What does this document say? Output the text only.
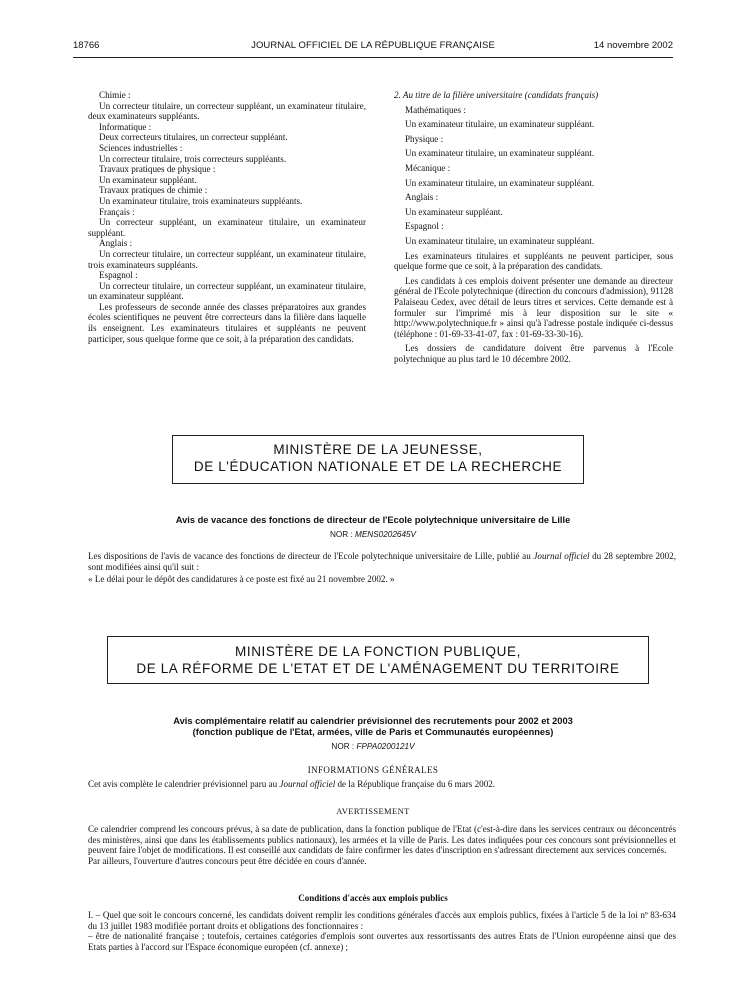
18766	JOURNAL OFFICIEL DE LA RÉPUBLIQUE FRANÇAISE	14 novembre 2002

Chimie :

Un correcteur titulaire, un correcteur suppléant, un examinateur titulaire, deux examinateurs suppléants.

Informatique :

Deux correcteurs titulaires, un correcteur suppléant.

Sciences industrielles :

Un correcteur titulaire, trois correcteurs suppléants.

Travaux pratiques de physique :

Un examinateur suppléant.

Travaux pratiques de chimie :

Un examinateur titulaire, trois examinateurs suppléants.

Français :

Un correcteur suppléant, un examinateur titulaire, un examinateur suppléant.

Anglais :

Un correcteur titulaire, un correcteur suppléant, un examinateur titulaire, trois examinateurs suppléants.

Espagnol :

Un correcteur titulaire, un correcteur suppléant, un examinateur titulaire, un examinateur suppléant.

Les professeurs de seconde année des classes préparatoires aux grandes écoles scientifiques ne peuvent être correcteurs dans la filière dans laquelle ils enseignent. Les examinateurs titulaires et suppléants ne peuvent participer, sous quelque forme que ce soit, à la préparation des candidats.

2. Au titre de la filière universitaire (candidats français)

Mathématiques :

Un examinateur titulaire, un examinateur suppléant.

Physique :

Un examinateur titulaire, un examinateur suppléant.

Mécanique :

Un examinateur titulaire, un examinateur suppléant.

Anglais :

Un examinateur suppléant.

Espagnol :

Un examinateur titulaire, un examinateur suppléant.

Les examinateurs titulaires et suppléants ne peuvent participer, sous quelque forme que ce soit, à la préparation des candidats.

Les candidats à ces emplois doivent présenter une demande au directeur général de l'Ecole polytechnique (direction du concours d'admission), 91128 Palaiseau Cedex, avec détail de leurs titres et services. Cette demande est à formuler sur l'imprimé mis à leur disposition sur le site « http://www.polytechnique.fr » ainsi qu'à l'adresse postale indiquée ci-dessus (téléphone : 01-69-33-41-07, fax : 01-69-33-30-16).

Les dossiers de candidature doivent être parvenus à l'Ecole polytechnique au plus tard le 10 décembre 2002.

MINISTÈRE DE LA JEUNESSE,
DE L'ÉDUCATION NATIONALE ET DE LA RECHERCHE
Avis de vacance des fonctions de directeur de l'Ecole polytechnique universitaire de Lille
NOR : MENS0202645V

Les dispositions de l'avis de vacance des fonctions de directeur de l'Ecole polytechnique universitaire de Lille, publié au Journal officiel du 28 septembre 2002, sont modifiées ainsi qu'il suit :

« Le délai pour le dépôt des candidatures à ce poste est fixé au 21 novembre 2002. »

MINISTÈRE DE LA FONCTION PUBLIQUE,
DE LA RÉFORME DE L'ETAT ET DE L'AMÉNAGEMENT DU TERRITOIRE
Avis complémentaire relatif au calendrier prévisionnel des recrutements pour 2002 et 2003
(fonction publique de l'Etat, armées, ville de Paris et Communautés européennes)
NOR : FPPA0200121V
INFORMATIONS GÉNÉRALES

Cet avis complète le calendrier prévisionnel paru au Journal officiel de la République française du 6 mars 2002.

AVERTISSEMENT

Ce calendrier comprend les concours prévus, à sa date de publication, dans la fonction publique de l'Etat (c'est-à-dire dans les services centraux ou déconcentrés des ministères, ainsi que dans les établissements publics nationaux), les armées et la ville de Paris. Les dates indiquées pour ces concours sont prévisionnelles et peuvent faire l'objet de modifications. Il est conseillé aux candidats de faire confirmer les dates d'inscription en s'adressant directement aux services concernés.

Par ailleurs, l'ouverture d'autres concours peut être décidée en cours d'année.

Conditions d'accès aux emplois publics

I. – Quel que soit le concours concerné, les candidats doivent remplir les conditions générales d'accès aux emplois publics, fixées à l'article 5 de la loi nº 83-634 du 13 juillet 1983 modifiée portant droits et obligations des fonctionnaires :

– être de nationalité française ; toutefois, certaines catégories d'emplois sont ouvertes aux ressortissants des autres Etats de l'Union européenne ainsi que des Etats parties à l'accord sur l'Espace économique européen (cf. annexe) ;
